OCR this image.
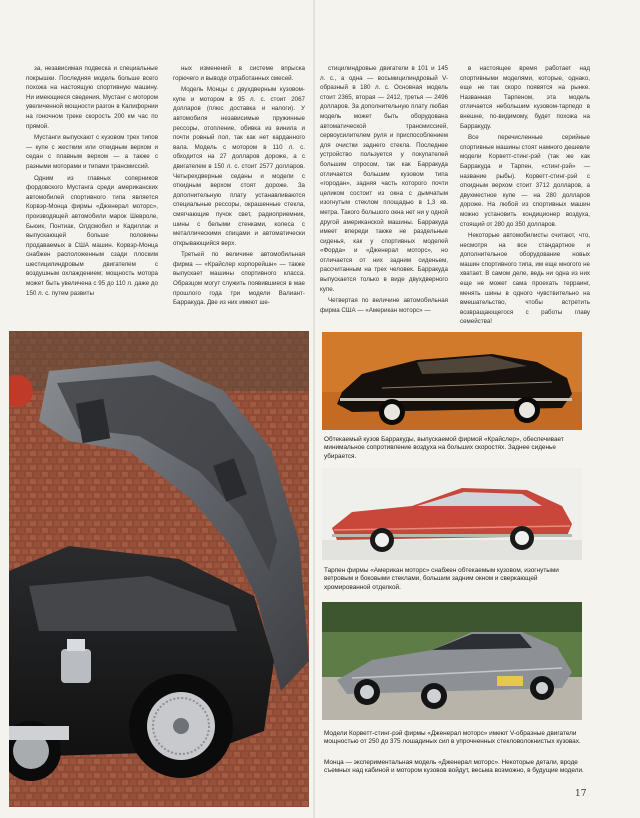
за, независимая подвеска и специальные покрышки. Последняя модель больше всего похожа на настоящую спортивную машину. Ни имеющиеся сведения, Мустанг с мотором увеличенной мощности разгон в Калифорнии на гоночном треке скорость 200 км час по прямой.

Мустанги выпускают с кузовом трех типов — купе с жестким или откидным верхом и седан с плавным верхом — а также с разными моторами и типами трансмиссий.

Одним из главных соперников фордовского Мустанга среди американских автомобилей спортивного типа является Корвэр-Монца фирмы «Дженерал моторс», производящей автомобили марок Шевроле, Бьюик, Понтиак, Олдсмобил и Кадиллак и выпускающей больше половины продаваемых в США машин. Корвэр-Монца снабжен расположенным сзади плоским шестицилиндровым двигателем с воздушным охлаждением; мощность мотора может быть увеличена с 95 до 110 л. даже до 150 л. с. путем развиты

ных изменений в системе впрыска горючего и выводе отработанных смесей.

Модель Монцы с двухдверным кузовом-купе и мотором в 95 л. с. стоит 2067 долларов (плюс доставка и налоги). У автомобиля независимые пружинные рессоры, отопление, обивка из винила и почти ровный пол, так как нет карданного вала. Модель с мотором в 110 л. с. обходится на 27 долларов дороже, а с двигателем в 150 л. с. стоит 2577 долларов. Четырехдверные седаны и модели с откидным верхом стоят дороже. За дополнительную плату устанавливаются специальные рессоры, окрашенные стекла, смягчающие пучок свет, радиоприемник, шины с белыми стенками, колеса с металлическими спицами и автоматически открывающийся верх.

Третьей по величине автомобильная фирма — «Крайслер корпорейшн» — также выпускает машины спортивного класса. Образцом могут служить появившиеся в мае прошлого года три модели Валиант-Барракуда. Две из них имеют ше-

стицилиндровые двигатели в 101 и 145 л. с., а одна — восьмицилиндровый V-образный в 180 л. с. Основная модель стоит 2365, вторая — 2412, третья — 2496 долларов. За дополнительную плату любая модель может быть оборудована автоматической трансмиссией, сервоусилителем руля и приспособлением для очистки заднего стекла. Последнее устройство пользуется у покупателей большим спросом, так как Барракуда отличается большим кузовом типа «городан», задняя часть которого почти целиком состоит из окна с дымчатым изогнутым стеклом площадью в 1,3 кв. метра. Такого большого окна нет ни у одной другой американской машины. Барракуда имеет впереди также не раздельные сиденья, как у спортивных моделей «Форда» и «Дженерал моторс», но отличается от них задним сиденьем, рассчитанным на трех человек. Барракуда выпускается только в виде двухдверного купе.

Четвертая по величине автомобильная фирма США — «Американ моторс» —

в настоящее время работает над спортивными моделями, которые, однако, еще не так скоро появятся на рынке. Названная Тарпеном, эта модель отличается небольшим кузовом-тарпедо в внешне, по-видимому, будет похожа на Барракуду.

Все перечисленные серийные спортивные машины стоят намного дешевле модели Корветт-стинг-рэй (так же как Барракуда и Тарпен, «стинг-рэй» — название рыбы). Корветт-стинг-рэй с откидным верхом стоит 3712 долларов, а двухместное купе — на 280 долларов дороже. На любой из спортивных машин можно установить кондиционер воздуха, стоящий от 280 до 350 долларов.

Некоторые автомобилисты считают, что, несмотря на все стандартное и дополнительное оборудование новых машин спортивного типа, им еще многого не хватает. В самом деле, ведь ни одна из них еще не может сама проехать терраинг, менять шины в одного чувствительно на вмешательство, чтобы встретить возвращающегося с работы главу семейства!

Обтекаемый кузов Барракуды, выпускаемой фирмой «Крайслер», обеспечивает минимальное сопротивление воздуха на больших скоростях. Заднее сиденье убирается.

Тарпен фирмы «Американ моторс» снабжен обтекаемым кузовом, изогнутыми ветровым и боковыми стеклами, большим задним окном и сверкающей хромированной отделкой.

Модели Корветт-стинг-рэй фирмы «Дженерал моторс» имеют V-образные двигатели мощностью от 250 до 375 лошадиных сил в упрочненных стекловолокнистых кузовах.

Монца — экспериментальная модель «Дженерал моторс». Некоторые детали, вроде съемных над кабиной и мотором кузовов войдут, весьма возможно, в будущие модели.

17
